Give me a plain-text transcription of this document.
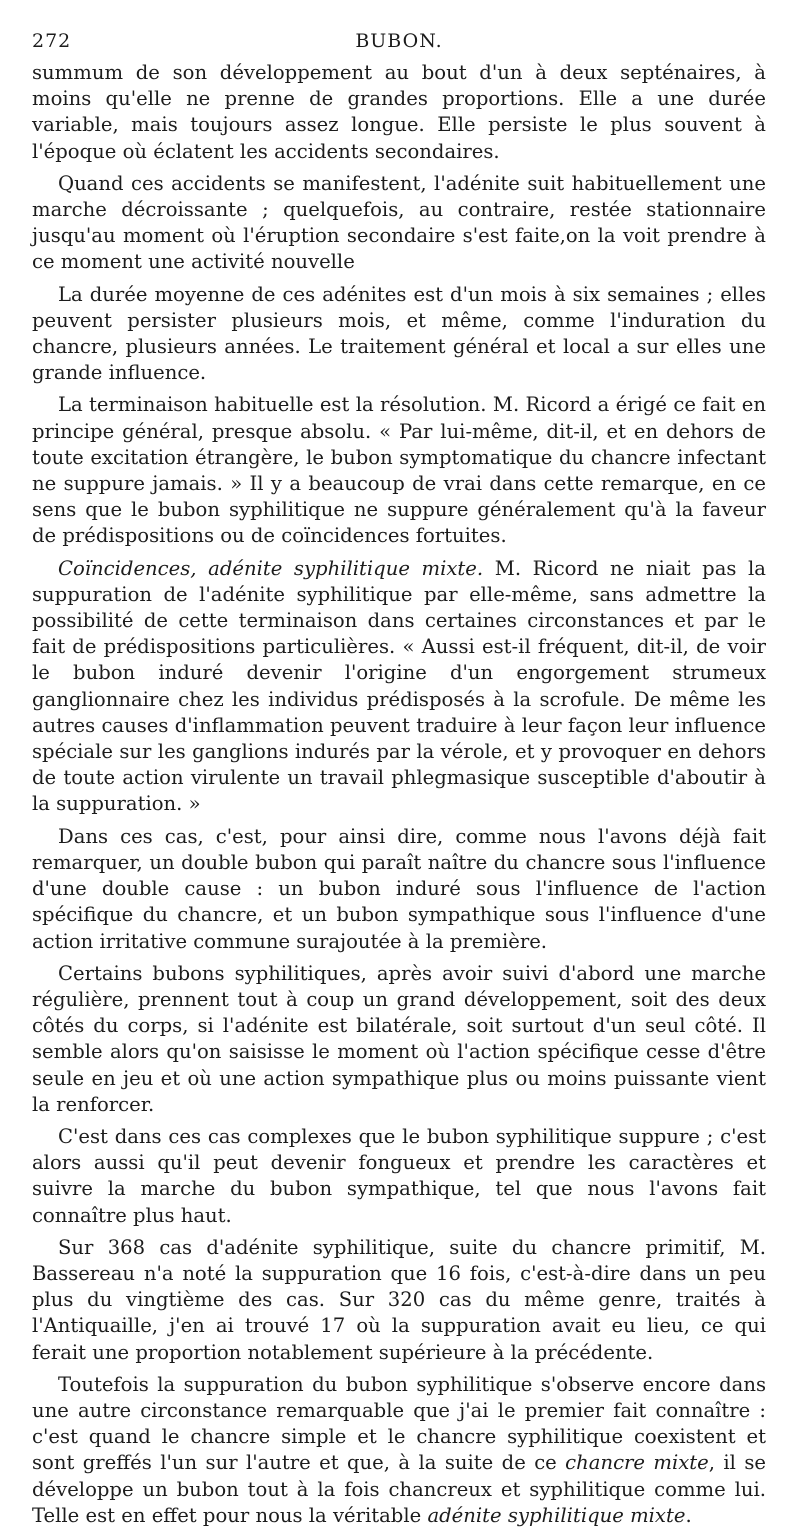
272	BUBON.

summum de son développement au bout d'un à deux septénaires, à moins qu'elle ne prenne de grandes proportions. Elle a une durée variable, mais toujours assez longue. Elle persiste le plus souvent à l'époque où éclatent les accidents secondaires.

Quand ces accidents se manifestent, l'adénite suit habituellement une marche décroissante ; quelquefois, au contraire, restée stationnaire jusqu'au moment où l'éruption secondaire s'est faite,on la voit prendre à ce moment une activité nouvelle

La durée moyenne de ces adénites est d'un mois à six semaines ; elles peuvent persister plusieurs mois, et même, comme l'induration du chancre, plusieurs années. Le traitement général et local a sur elles une grande influence.

La terminaison habituelle est la résolution. M. Ricord a érigé ce fait en principe général, presque absolu. « Par lui-même, dit-il, et en dehors de toute excitation étrangère, le bubon symptomatique du chancre infectant ne suppure jamais. » Il y a beaucoup de vrai dans cette remarque, en ce sens que le bubon syphilitique ne suppure généralement qu'à la faveur de prédispositions ou de coïncidences fortuites.

Coïncidences, adénite syphilitique mixte. M. Ricord ne niait pas la suppuration de l'adénite syphilitique par elle-même, sans admettre la possibilité de cette terminaison dans certaines circonstances et par le fait de prédispositions particulières. « Aussi est-il fréquent, dit-il, de voir le bubon induré devenir l'origine d'un engorgement strumeux ganglionnaire chez les individus prédisposés à la scrofule. De même les autres causes d'inflammation peuvent traduire à leur façon leur influence spéciale sur les ganglions indurés par la vérole, et y provoquer en dehors de toute action virulente un travail phlegmasique susceptible d'aboutir à la suppuration. »

Dans ces cas, c'est, pour ainsi dire, comme nous l'avons déjà fait remarquer, un double bubon qui paraît naître du chancre sous l'influence d'une double cause : un bubon induré sous l'influence de l'action spécifique du chancre, et un bubon sympathique sous l'influence d'une action irritative commune surajoutée à la première.

Certains bubons syphilitiques, après avoir suivi d'abord une marche régulière, prennent tout à coup un grand développement, soit des deux côtés du corps, si l'adénite est bilatérale, soit surtout d'un seul côté. Il semble alors qu'on saisisse le moment où l'action spécifique cesse d'être seule en jeu et où une action sympathique plus ou moins puissante vient la renforcer.

C'est dans ces cas complexes que le bubon syphilitique suppure ; c'est alors aussi qu'il peut devenir fongueux et prendre les caractères et suivre la marche du bubon sympathique, tel que nous l'avons fait connaître plus haut.

Sur 368 cas d'adénite syphilitique, suite du chancre primitif, M. Bassereau n'a noté la suppuration que 16 fois, c'est-à-dire dans un peu plus du vingtième des cas. Sur 320 cas du même genre, traités à l'Antiquaille, j'en ai trouvé 17 où la suppuration avait eu lieu, ce qui ferait une proportion notablement supérieure à la précédente.

Toutefois la suppuration du bubon syphilitique s'observe encore dans une autre circonstance remarquable que j'ai le premier fait connaître : c'est quand le chancre simple et le chancre syphilitique coexistent et sont greffés l'un sur l'autre et que, à la suite de ce chancre mixte, il se développe un bubon tout à la fois chancreux et syphilitique comme lui. Telle est en effet pour nous la véritable adénite syphilitique mixte.
